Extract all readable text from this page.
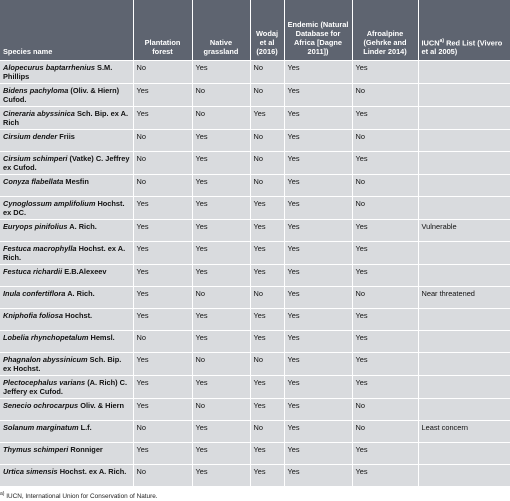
Species name	Plantation forest	Native grassland	Wodaj et al (2016)	Endemic (Natural Database for Africa [Dagne 2011])	Afroalpine (Gehrke and Linder 2014)	IUCN$^{a)}$ Red List (Vivero et al 2005)
Alopecurus baptarrhenius S.M. Phillips	No	Yes	No	Yes	Yes	
Bidens pachyloma (Oliv. & Hiern) Cufod.	Yes	No	No	Yes	No	
Cineraria abyssinica Sch. Bip. ex A. Rich	Yes	No	Yes	Yes	Yes	
Cirsium dender Friis	No	Yes	No	Yes	No	
Cirsium schimperi (Vatke) C. Jeffrey ex Cufod.	No	Yes	No	Yes	Yes	
Conyza flabellata Mesfin	No	Yes	No	Yes	No	
Cynoglossum amplifolium Hochst. ex DC.	Yes	Yes	Yes	Yes	No	
Euryops pinifolius A. Rich.	Yes	Yes	Yes	Yes	Yes	Vulnerable
Festuca macrophylla Hochst. ex A. Rich.	Yes	Yes	Yes	Yes	Yes	
Festuca richardii E.B.Alexeev	Yes	Yes	Yes	Yes	Yes	
Inula confertiflora A. Rich.	Yes	No	No	Yes	No	Near threatened
Kniphofia foliosa Hochst.	Yes	Yes	Yes	Yes	Yes	
Lobelia rhynchopetalum Hemsl.	No	Yes	Yes	Yes	Yes	
Phagnalon abyssinicum Sch. Bip. ex Hochst.	Yes	No	No	Yes	Yes	
Plectocephalus varians (A. Rich) C. Jeffery ex Cufod.	Yes	Yes	Yes	Yes	Yes	
Senecio ochrocarpus Oliv. & Hiern	Yes	No	Yes	Yes	No	
Solanum marginatum L.f.	No	Yes	No	Yes	No	Least concern
Thymus schimperi Ronniger	Yes	Yes	Yes	Yes	Yes	
Urtica simensis Hochst. ex A. Rich.	No	Yes	Yes	Yes	Yes	
$^{a)}$ IUCN, International Union for Conservation of Nature.
